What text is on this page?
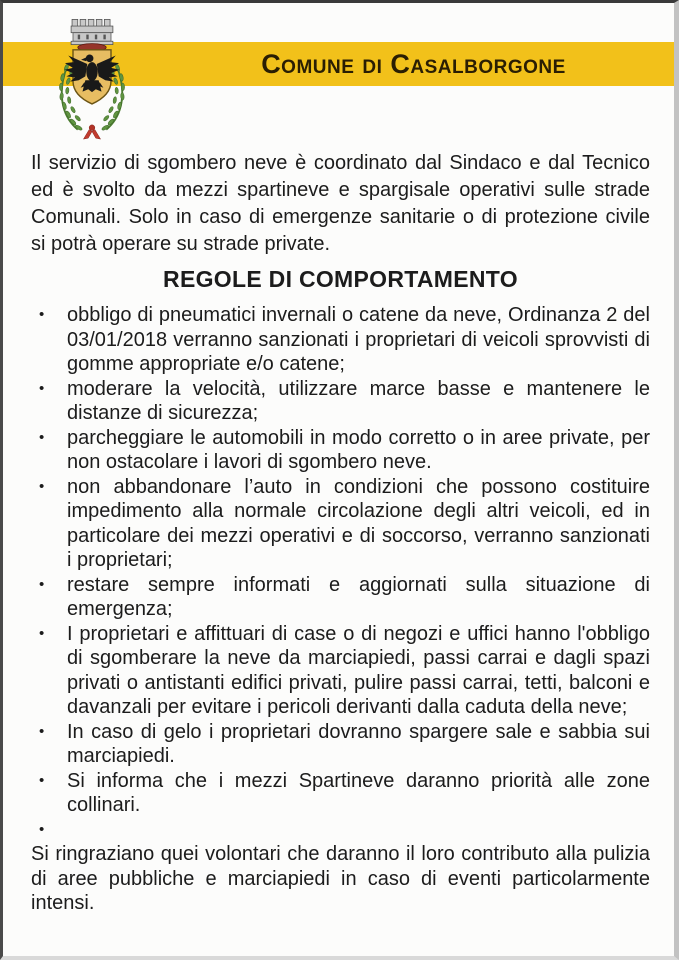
Comune di Casalborgone

Il servizio di sgombero neve è coordinato dal Sindaco e dal Tecnico ed è svolto da mezzi spartineve e spargisale operativi sulle strade Comunali. Solo in caso di emergenze sanitarie o di protezione civile si potrà operare su strade private.

REGOLE DI COMPORTAMENTO
•	obbligo di pneumatici invernali o catene da neve, Ordinanza 2 del 03/01/2018 verranno sanzionati i proprietari di veicoli sprovvisti di gomme appropriate e/o catene;

•	moderare la velocità, utilizzare marce basse e mantenere le distanze di sicurezza;

•	parcheggiare le automobili in modo corretto o in aree private, per non ostacolare i lavori di sgombero neve.

•	non abbandonare l’auto in condizioni che possono costituire impedimento alla normale circolazione degli altri veicoli, ed in particolare dei mezzi operativi e di soccorso, verranno sanzionati i proprietari;

•	restare sempre informati e aggiornati sulla situazione di emergenza;

•	I proprietari e affittuari di case o di negozi e uffici hanno l'obbligo di sgomberare la neve da marciapiedi, passi carrai e dagli spazi privati o antistanti edifici privati, pulire passi carrai, tetti, balconi e davanzali per evitare i pericoli derivanti dalla caduta della neve;

•	In caso di gelo i proprietari dovranno spargere sale e sabbia sui marciapiedi.

•	Si informa che i mezzi Spartineve daranno priorità alle zone collinari.

•

Si ringraziano quei volontari che daranno il loro contributo alla pulizia di aree pubbliche e marciapiedi in caso di eventi particolarmente intensi.
